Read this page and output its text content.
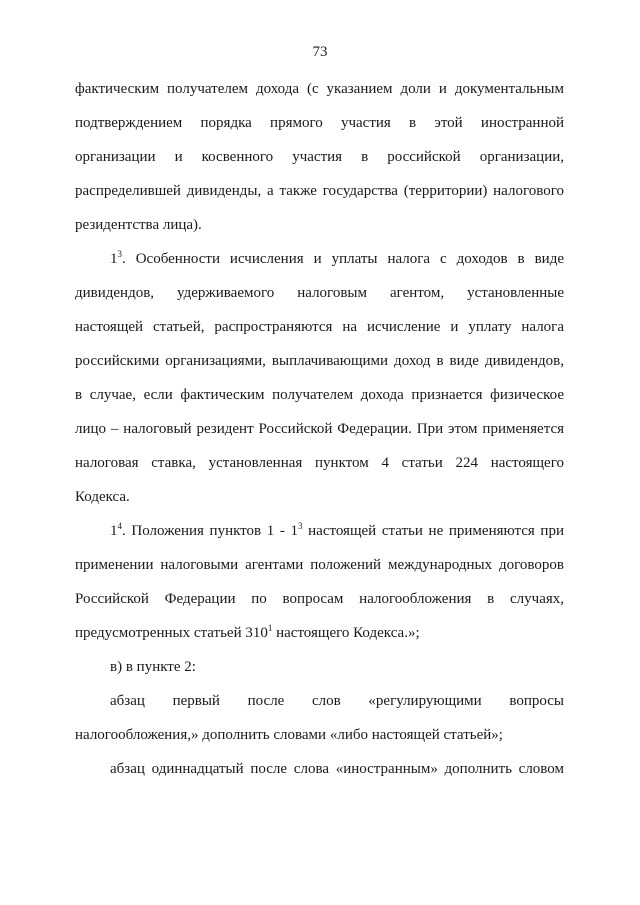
73
фактическим получателем дохода (с указанием доли и документальным
подтверждением порядка прямого участия в этой иностранной
организации и косвенного участия в российской организации,
распределившей дивиденды, а также государства (территории) налогового
резидентства лица).
$1^3$. Особенности исчисления и уплаты налога с доходов в виде
дивидендов, удерживаемого налоговым агентом, установленные
настоящей статьей, распространяются на исчисление и уплату налога
российскими организациями, выплачивающими доход в виде дивидендов,
в случае, если фактическим получателем дохода признается физическое
лицо – налоговый резидент Российской Федерации. При этом применяется
налоговая ставка, установленная пунктом 4 статьи 224 настоящего
Кодекса.
$1^4$. Положения пунктов $1 - 1^3$ настоящей статьи не применяются при
применении налоговыми агентами положений международных договоров
Российской Федерации по вопросам налогообложения в случаях,
предусмотренных статьей $310^1$ настоящего Кодекса.»;
в) в пункте 2:
абзац первый после слов «регулирующими вопросы
налогообложения,» дополнить словами «либо настоящей статьей»;
абзац одиннадцатый после слова «иностранным» дополнить словом
